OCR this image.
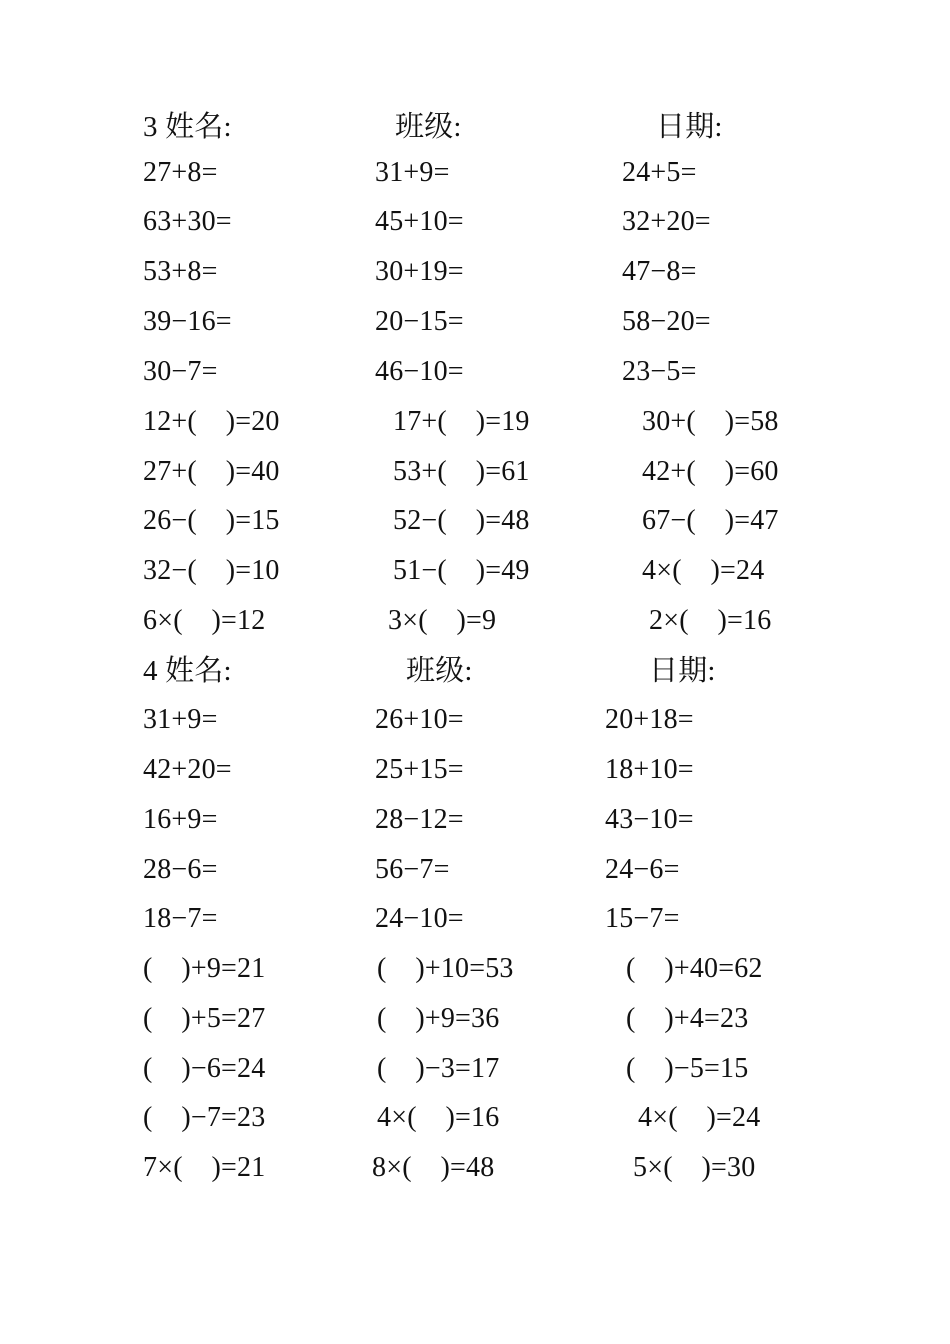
3 姓名:	班级:	日期:
27+8=	31+9=	24+5=
63+30=	45+10=	32+20=
53+8=	30+19=	47−8=
39−16=	20−15=	58−20=
30−7=	46−10=	23−5=
12+(    )=20	17+(    )=19	30+(    )=58
27+(    )=40	53+(    )=61	42+(    )=60
26−(    )=15	52−(    )=48	67−(    )=47
32−(    )=10	51−(    )=49	4×(    )=24
6×(    )=12	3×(    )=9	2×(    )=16
4 姓名:	班级:	日期:
31+9=	26+10=	20+18=
42+20=	25+15=	18+10=
16+9=	28−12=	43−10=
28−6=	56−7=	24−6=
18−7=	24−10=	15−7=
(    )+9=21	(    )+10=53	(    )+40=62
(    )+5=27	(    )+9=36	(    )+4=23
(    )−6=24	(    )−3=17	(    )−5=15
(    )−7=23	4×(    )=16	4×(    )=24
7×(    )=21	8×(    )=48	5×(    )=30
